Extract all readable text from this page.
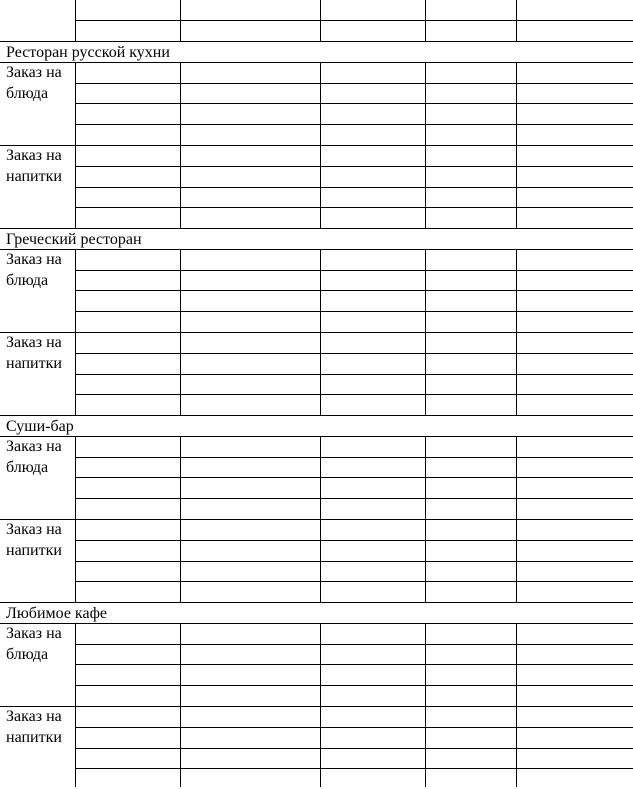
Ресторан русской кухни
Заказ на
блюда
Заказ на
напитки
Греческий ресторан
Заказ на
блюда
Заказ на
напитки
Суши-бар
Заказ на
блюда
Заказ на
напитки
Любимое кафе
Заказ на
блюда
Заказ на
напитки
